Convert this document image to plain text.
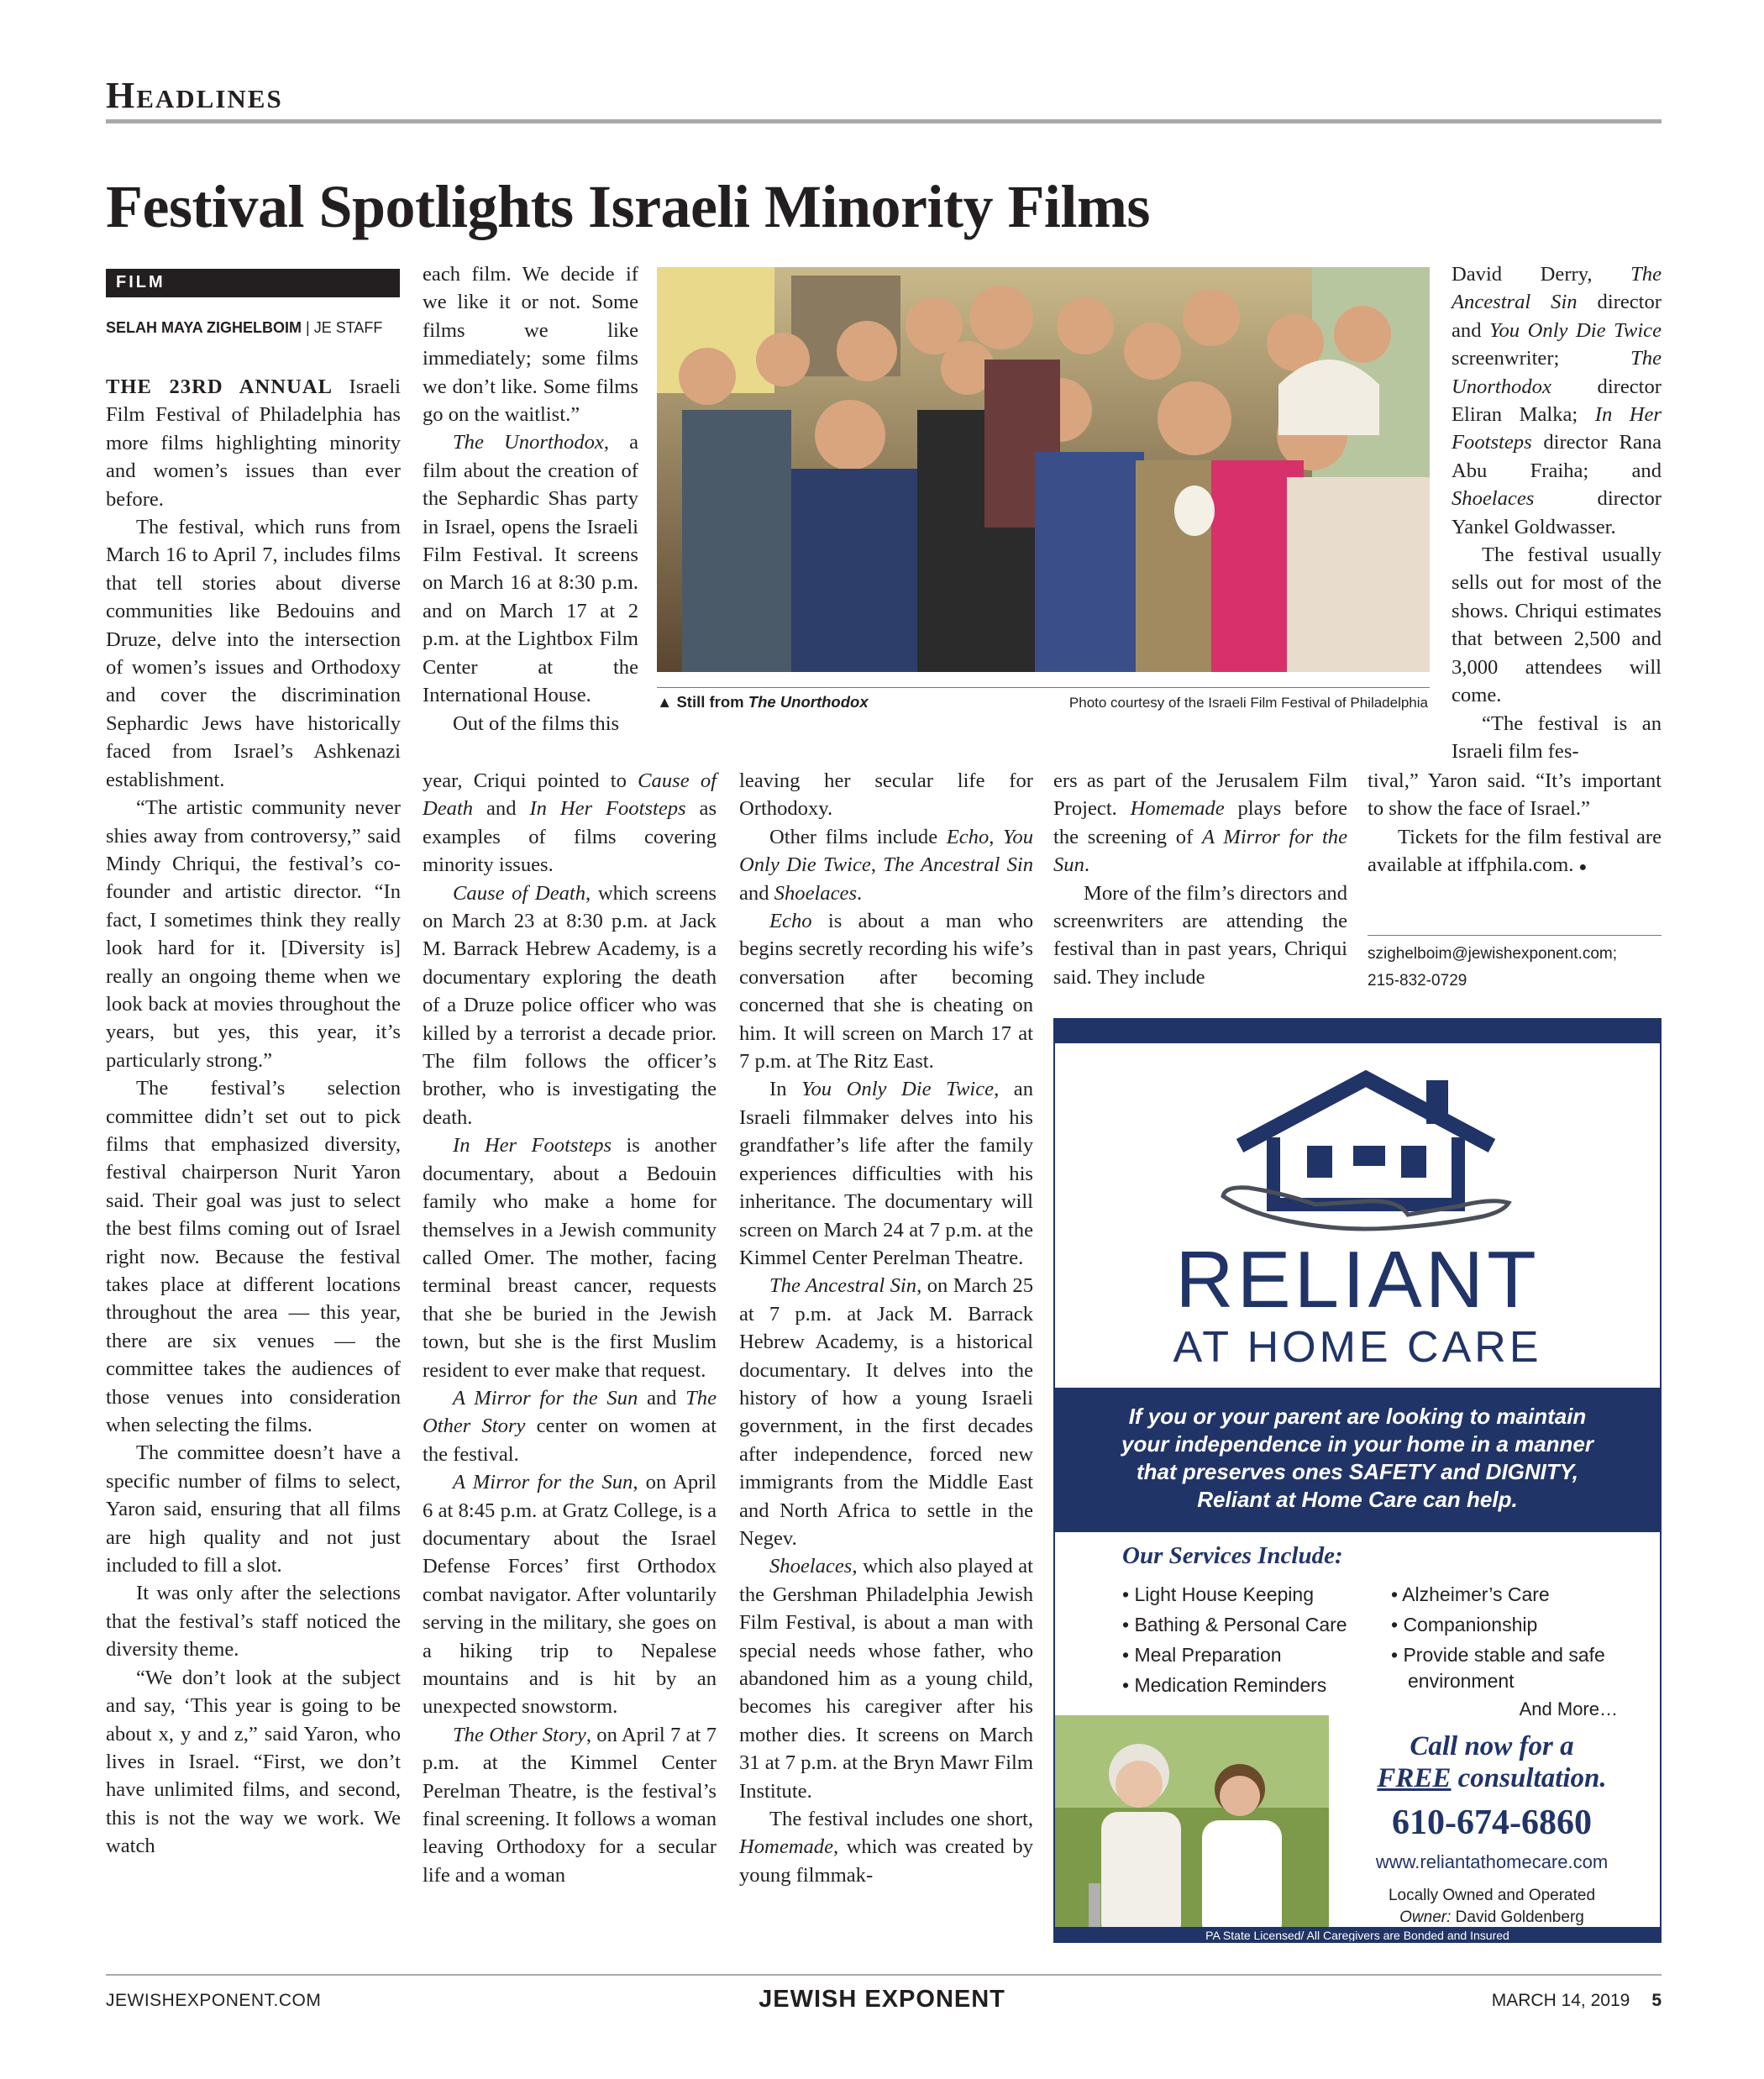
Headlines
Festival Spotlights Israeli Minority Films
FILM
SELAH MAYA ZIGHELBOIM | JE STAFF

THE 23RD ANNUAL Israeli Film Festival of Philadelphia has more films highlighting minority and women’s issues than ever before.

The festival, which runs from March 16 to April 7, includes films that tell stories about diverse communities like Bedouins and Druze, delve into the intersection of women’s issues and Orthodoxy and cover the discrimination Sephardic Jews have historically faced from Israel’s Ashkenazi establishment.

“The artistic community never shies away from controversy,” said Mindy Chriqui, the festival’s co-founder and artistic director. “In fact, I sometimes think they really look hard for it. [Diversity is] really an ongoing theme when we look back at movies throughout the years, but yes, this year, it’s particularly strong.”

The festival’s selection committee didn’t set out to pick films that emphasized diversity, festival chairperson Nurit Yaron said. Their goal was just to select the best films coming out of Israel right now. Because the festival takes place at different locations throughout the area — this year, there are six venues — the committee takes the audiences of those venues into consideration when selecting the films.

The committee doesn’t have a specific number of films to select, Yaron said, ensuring that all films are high quality and not just included to fill a slot.

It was only after the selections that the festival’s staff noticed the diversity theme.

“We don’t look at the subject and say, ‘This year is going to be about x, y and z,” said Yaron, who lives in Israel. “First, we don’t have unlimited films, and second, this is not the way we work. We watch

each film. We decide if we like it or not. Some films we like immediately; some films we don’t like. Some films go on the waitlist.”

The Unorthodox, a film about the creation of the Sephardic Shas party in Israel, opens the Israeli Film Festival. It screens on March 16 at 8:30 p.m. and on March 17 at 2 p.m. at the Lightbox Film Center at the International House.

Out of the films this

year, Criqui pointed to Cause of Death and In Her Footsteps as examples of films covering minority issues.

Cause of Death, which screens on March 23 at 8:30 p.m. at Jack M. Barrack Hebrew Academy, is a documentary exploring the death of a Druze police officer who was killed by a terrorist a decade prior. The film follows the officer’s brother, who is investigating the death.

In Her Footsteps is another documentary, about a Bedouin family who make a home for themselves in a Jewish community called Omer. The mother, facing terminal breast cancer, requests that she be buried in the Jewish town, but she is the first Muslim resident to ever make that request.

A Mirror for the Sun and The Other Story center on women at the festival.

A Mirror for the Sun, on April 6 at 8:45 p.m. at Gratz College, is a documentary about the Israel Defense Forces’ first Orthodox combat navigator. After voluntarily serving in the military, she goes on a hiking trip to Nepalese mountains and is hit by an unexpected snowstorm.

The Other Story, on April 7 at 7 p.m. at the Kimmel Center Perelman Theatre, is the festival’s final screening. It follows a woman leaving Orthodoxy for a secular life and a woman

▲ Still from The Unorthodox	Photo courtesy of the Israeli Film Festival of Philadelphia

leaving her secular life for Orthodoxy.

Other films include Echo, You Only Die Twice, The Ancestral Sin and Shoelaces.

Echo is about a man who begins secretly recording his wife’s conversation after becoming concerned that she is cheating on him. It will screen on March 17 at 7 p.m. at The Ritz East.

In You Only Die Twice, an Israeli filmmaker delves into his grandfather’s life after the family experiences difficulties with his inheritance. The documentary will screen on March 24 at 7 p.m. at the Kimmel Center Perelman Theatre.

The Ancestral Sin, on March 25 at 7 p.m. at Jack M. Barrack Hebrew Academy, is a historical documentary. It delves into the history of how a young Israeli government, in the first decades after independence, forced new immigrants from the Middle East and North Africa to settle in the Negev.

Shoelaces, which also played at the Gershman Philadelphia Jewish Film Festival, is about a man with special needs whose father, who abandoned him as a young child, becomes his caregiver after his mother dies. It screens on March 31 at 7 p.m. at the Bryn Mawr Film Institute.

The festival includes one short, Homemade, which was created by young filmmak-

ers as part of the Jerusalem Film Project. Homemade plays before the screening of A Mirror for the Sun.

More of the film’s directors and screenwriters are attending the festival than in past years, Chriqui said. They include

David Derry, The Ancestral Sin director and You Only Die Twice screenwriter; The Unorthodox director Eliran Malka; In Her Footsteps director Rana Abu Fraiha; and Shoelaces director Yankel Goldwasser.

The festival usually sells out for most of the shows. Chriqui estimates that between 2,500 and 3,000 attendees will come.

“The festival is an Israeli film fes-

tival,” Yaron said. “It’s important to show the face of Israel.”

Tickets for the film festival are available at iffphila.com. ●

szighelboim@jewishexponent.com;
215-832-0729
RELIANT
AT HOME CARE
If you or your parent are looking to maintain
your independence in your home in a manner
that preserves ones SAFETY and DIGNITY,
Reliant at Home Care can help.
Our Services Include:
• Light House Keeping
• Bathing & Personal Care
• Meal Preparation
• Medication Reminders
• Alzheimer’s Care
• Companionship
• Provide stable and safe
environment
And More…
Call now for a
FREE consultation.
610-674-6860
www.reliantathomecare.com
Locally Owned and Operated
Owner: David Goldenberg
PA State Licensed/ All Caregivers are Bonded and Insured
JEWISHEXPONENT.COM	JEWISH EXPONENT	MARCH 14, 2019 5
